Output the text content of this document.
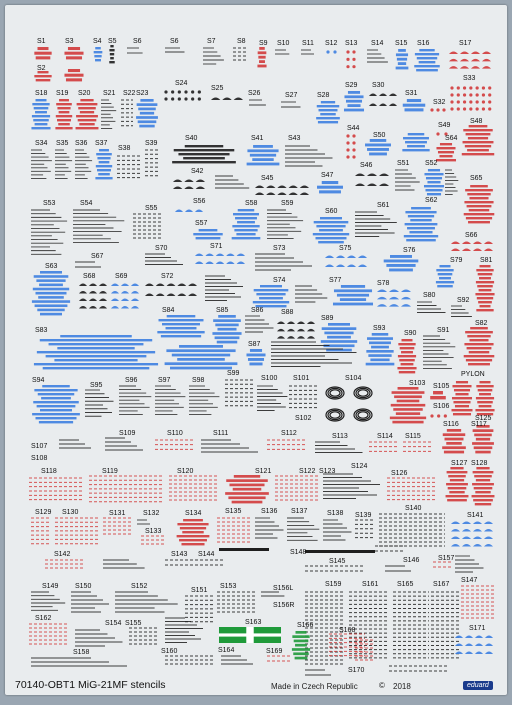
S1	S3	S4 S5 S6	S6	S7	S8 S9 S10 S11 S12 S13 S14 S15 S16	S17
S2
S24
S25	S29 S30
S33
S18 S19 S20 S21 S22 S23	S26	S27	S28	S31
S32
S48
S49
S44
S34 S35 S36 S37
S38
S39
S40	S41	S43	S50	S64
S42
S46	S51 S52
S45	S47	S65
S53	S54
S55
S56	S58	S59
S60
S61
S62
S57
S66
S70	S71	S73	S75	S76
S67
S79	S81
S63
S68	S69	S72
S74	S77	S78
S80
S92
S84	S85	S86	S88
S89
S83	S93
S82
S87
S90	S91
S94
S95
S96	S97	S98
S99
S100 S101	S104
S103
PYLON
S105
S106
S102	S125
S116 S117
S109	S110	S111	S112	S113	S114 S115
S107
S108
S127 S128
S124
S118	S119	S120	S121	S122 S123	S126
S129 S130	S131	S132	S134	S135	S136 S137	S138 S139
S140
S141
S133
S142	S143 S144	S148
S145	S146	S157
S149 S150	S152
S151
S153	S156L
S159	S161	S165	S167
S147
S162
S154 S155
S156R
S163	S166
S168	S171
S160
S158	S164	S169
S170
70140-OBT1 MiG-21MF stencils	Made in Czech Republic	© 2018	eduard
